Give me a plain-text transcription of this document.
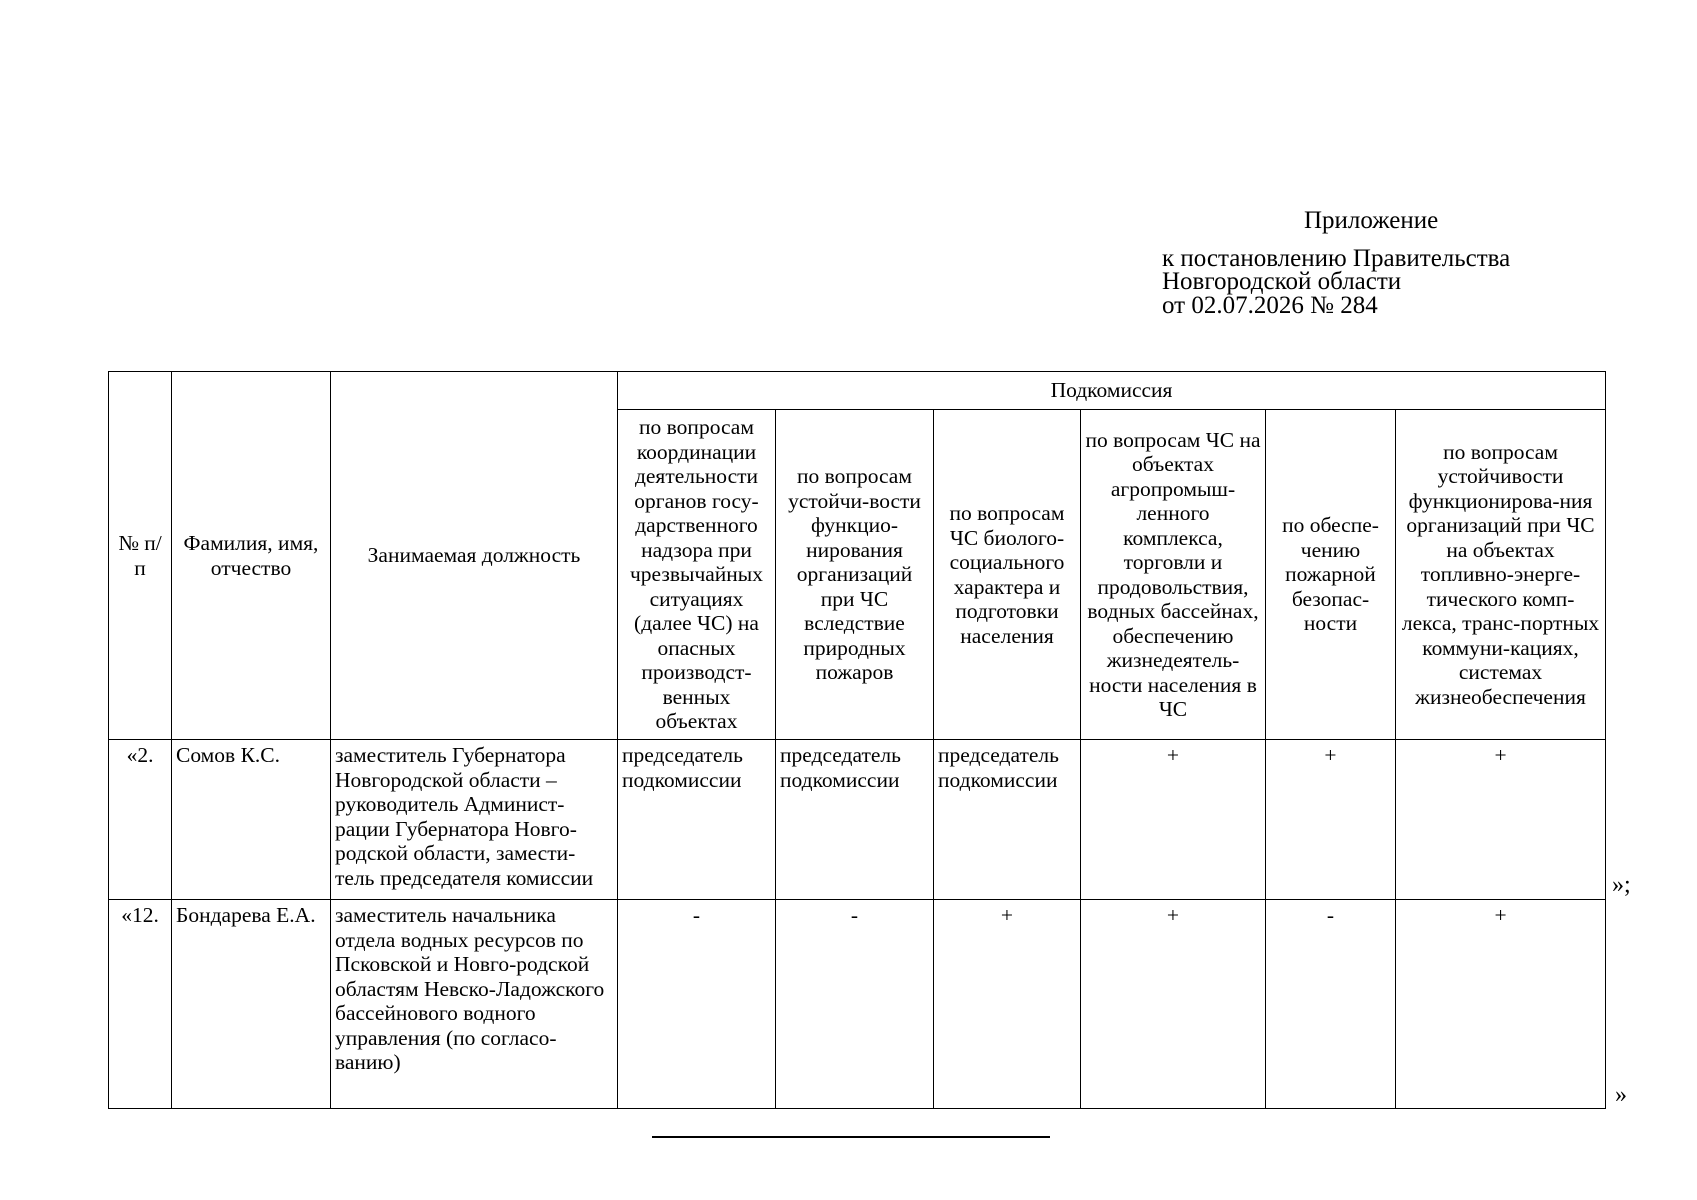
Приложение
к постановлению Правительства
Новгородской области
от 02.07.2026 № 284
№ п/п	Фамилия, имя, отчество	Занимаемая должность	Подкомиссия					
			по вопросам координации деятельности органов госу-дарственного надзора при чрезвычайных ситуациях (далее ЧС) на опасных производст-венных объектах	по вопросам устойчи-вости функцио-нирования организаций при ЧС вследствие природных пожаров	по вопросам ЧС биолого-социального характера и подготовки населения	по вопросам ЧС на объектах агропромыш-ленного комплекса, торговли и продовольствия, водных бассейнах, обеспечению жизнедеятель-ности населения в ЧС	по обеспе-чению пожарной безопас-ности	по вопросам устойчивости функционирова-ния организаций при ЧС на объектах топливно-энерге-тического комп-лекса, транс-портных коммуни-кациях, системах жизнеобеспечения
«2.	Сомов К.С.	заместитель Губернатора Новгородской области – руководитель Админист-рации Губернатора Новго-родской области, замести-тель председателя комиссии	председатель подкомиссии	председатель подкомиссии	председатель подкомиссии	+	+	+
«12.	Бондарева Е.А.	заместитель начальника отдела водных ресурсов по Псковской и Новго-родской областям Невско-Ладожского бассейнового водного управления (по согласо-ванию)	-	-	+	+	-	+
»;
»
